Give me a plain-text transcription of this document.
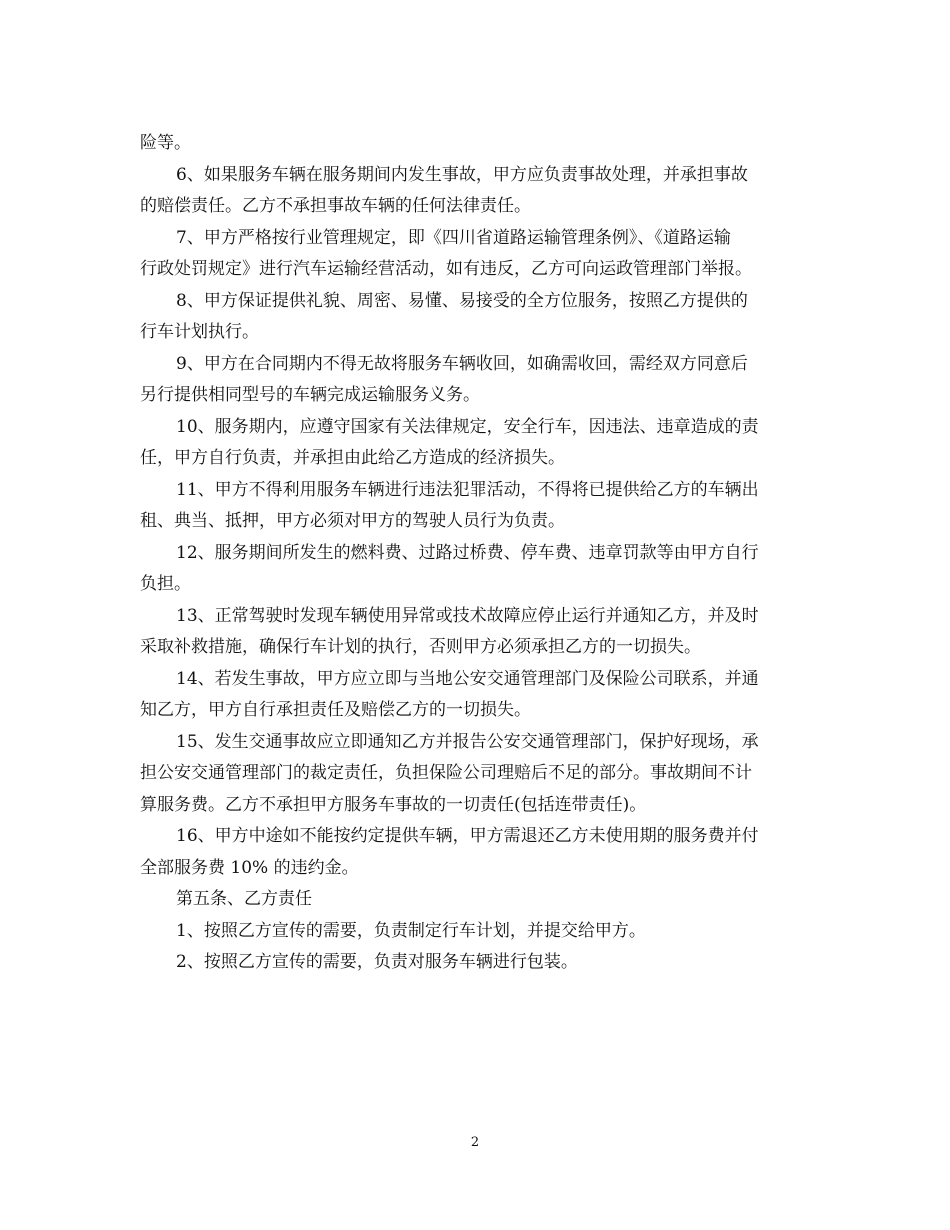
险等。
6、如果服务车辆在服务期间内发生事故，甲方应负责事故处理，并承担事故
的赔偿责任。乙方不承担事故车辆的任何法律责任。
7、甲方严格按行业管理规定，即《四川省道路运输管理条例》、《道路运输
行政处罚规定》进行汽车运输经营活动，如有违反，乙方可向运政管理部门举报。
8、甲方保证提供礼貌、周密、易懂、易接受的全方位服务，按照乙方提供的
行车计划执行。
9、甲方在合同期内不得无故将服务车辆收回，如确需收回，需经双方同意后
另行提供相同型号的车辆完成运输服务义务。
10、服务期内，应遵守国家有关法律规定，安全行车，因违法、违章造成的责
任，甲方自行负责，并承担由此给乙方造成的经济损失。
11、甲方不得利用服务车辆进行违法犯罪活动，不得将已提供给乙方的车辆出
租、典当、抵押，甲方必须对甲方的驾驶人员行为负责。
12、服务期间所发生的燃料费、过路过桥费、停车费、违章罚款等由甲方自行
负担。
13、正常驾驶时发现车辆使用异常或技术故障应停止运行并通知乙方，并及时
采取补救措施，确保行车计划的执行，否则甲方必须承担乙方的一切损失。
14、若发生事故，甲方应立即与当地公安交通管理部门及保险公司联系，并通
知乙方，甲方自行承担责任及赔偿乙方的一切损失。
15、发生交通事故应立即通知乙方并报告公安交通管理部门，保护好现场，承
担公安交通管理部门的裁定责任，负担保险公司理赔后不足的部分。事故期间不计
算服务费。乙方不承担甲方服务车事故的一切责任(包括连带责任)。
16、甲方中途如不能按约定提供车辆，甲方需退还乙方未使用期的服务费并付
全部服务费 10% 的违约金。
第五条、乙方责任
1、按照乙方宣传的需要，负责制定行车计划，并提交给甲方。
2、按照乙方宣传的需要，负责对服务车辆进行包装。
2
